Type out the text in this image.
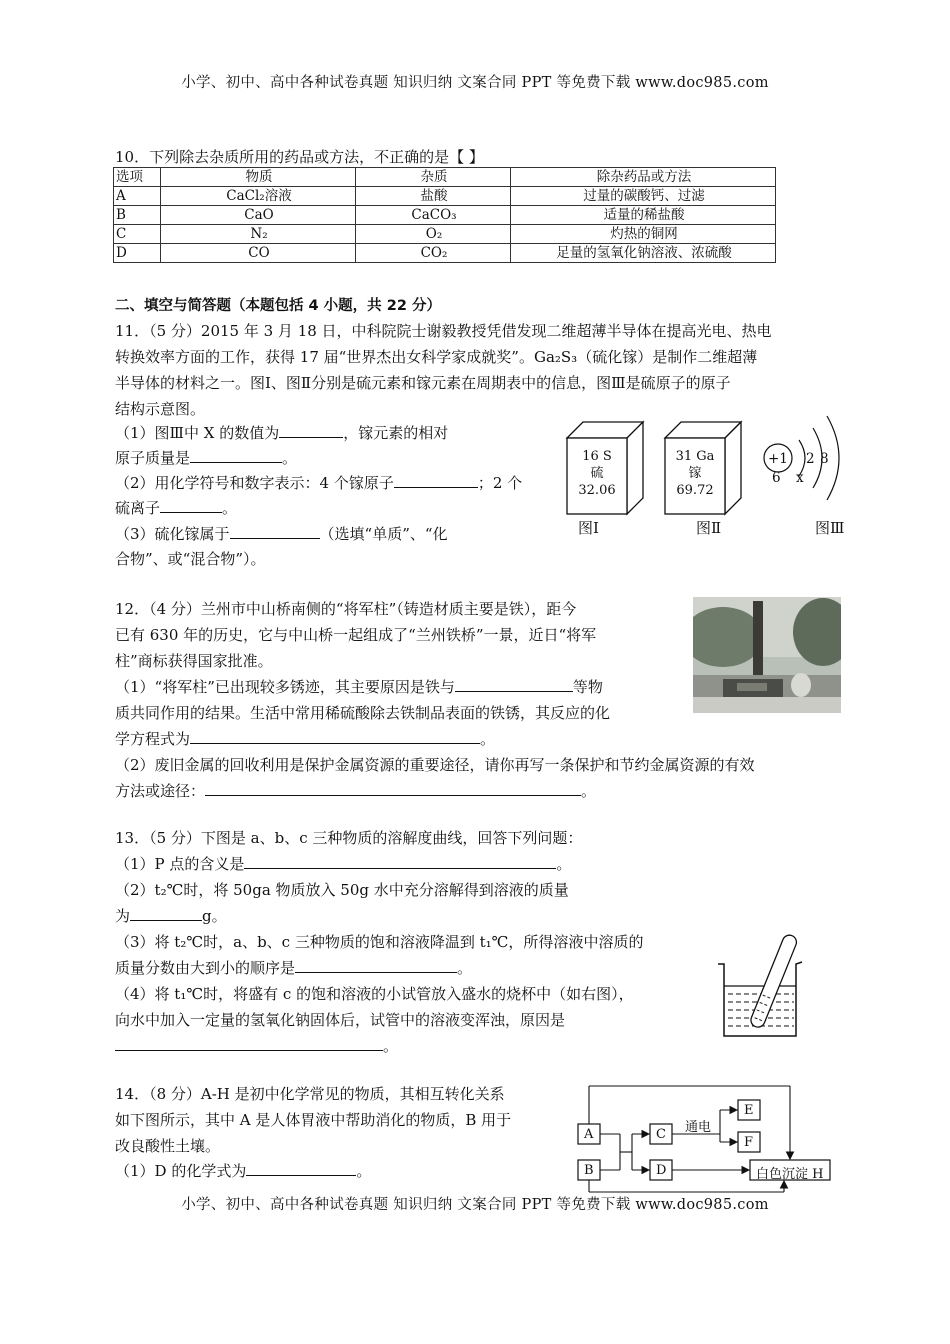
小学、初中、高中各种试卷真题 知识归纳 文案合同 PPT 等免费下载 www.doc985.com
10．下列除去杂质所用的药品或方法，不正确的是【 】
选项	物质	杂质	除杂药品或方法
A	CaCl₂溶液	盐酸	过量的碳酸钙、过滤
B	CaO	CaCO₃	适量的稀盐酸
C	N₂	O₂	灼热的铜网
D	CO	CO₂	足量的氢氧化钠溶液、浓硫酸
二、填空与简答题（本题包括 4 小题，共 22 分）
11．（5 分）2015 年 3 月 18 日，中科院院士谢毅教授凭借发现二维超薄半导体在提高光电、热电
转换效率方面的工作，获得 17 届“世界杰出女科学家成就奖”。Ga₂S₃（硫化镓）是制作二维超薄
半导体的材料之一。图Ⅰ、图Ⅱ分别是硫元素和镓元素在周期表中的信息，图Ⅲ是硫原子的原子
结构示意图。
（1）图Ⅲ中 X 的数值为	，镓元素的相对
原子质量是	。
（2）用化学符号和数字表示：4 个镓原子	；2 个
硫离子	。
（3）硫化镓属于	（选填“单质”、“化
合物”、或“混合物”）。
16 S
硫
32.06
图Ⅰ
31 Ga
镓
69.72
图Ⅱ
+1 2 8
6 x
图Ⅲ
12．（4 分）兰州市中山桥南侧的“将军柱”（铸造材质主要是铁），距今
已有 630 年的历史，它与中山桥一起组成了“兰州铁桥”一景，近日“将军
柱”商标获得国家批准。
（1）“将军柱”已出现较多锈迹，其主要原因是铁与	等物
质共同作用的结果。生活中常用稀硫酸除去铁制品表面的铁锈，其反应的化
学方程式为	。
（2）废旧金属的回收利用是保护金属资源的重要途径，请你再写一条保护和节约金属资源的有效
方法或途径：	。
13．（5 分）下图是 a、b、c 三种物质的溶解度曲线，回答下列问题：
（1）P 点的含义是	。
（2）t₂℃时，将 50ga 物质放入 50g 水中充分溶解得到溶液的质量
为	g。
（3）将 t₂℃时，a、b、c 三种物质的饱和溶液降温到 t₁℃，所得溶液中溶质的
质量分数由大到小的顺序是	。
（4）将 t₁℃时，将盛有 c 的饱和溶液的小试管放入盛水的烧杯中（如右图），
向水中加入一定量的氢氧化钠固体后，试管中的溶液变浑浊，原因是
。
14．（8 分）A-H 是初中化学常见的物质，其相互转化关系
如下图所示，其中 A 是人体胃液中帮助消化的物质，B 用于
改良酸性土壤。
（1）D 的化学式为	。
A
B
C
D
E
F
白色沉淀 H
通电
小学、初中、高中各种试卷真题 知识归纳 文案合同 PPT 等免费下载 www.doc985.com
